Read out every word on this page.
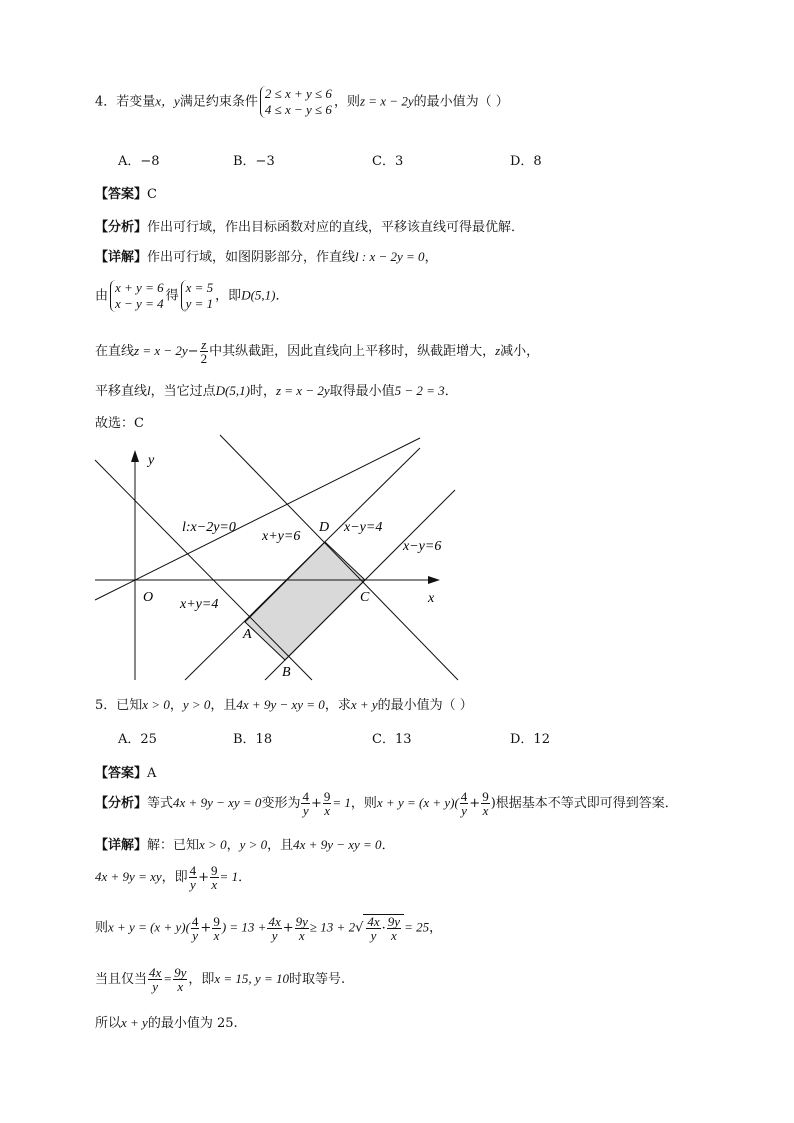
4．若变量x，y满足约束条件2 ≤ x + y ≤ 6
4 ≤ x − y ≤ 6 ，则z = x − 2y的最小值为（ ）
A．−8	B．−3	C．3	D．8
【答案】C
【分析】作出可行域，作出目标函数对应的直线，平移该直线可得最优解．
【详解】作出可行域，如图阴影部分，作直线l : x − 2y = 0，
由x + y = 6
x − y = 4 得x = 5
y = 1 ，即D(5,1)．
在直线$z = x - 2y- \frac{z}{2}$ 中其纵截距，因此直线向上平移时，纵截距增大，z减小，
平移直线l，当它过点D(5,1)时，z = x − 2y取得最小值5 − 2 = 3．
故选：C
y
x
O
A
B
C
D
l:x−2y=0
x+y=6
x−y=4
x−y=6
x+y=4
5．已知x > 0，y > 0，且4x + 9y − xy = 0，求x + y的最小值为（ ）
A．25	B．18	C．13	D．12
【答案】A
【分析】等式4x + 9y − xy = 0变形为 $\frac{4}{y} + \frac{9}{x} = 1$，则$x + y = (x + y)( \frac{4}{y} + \frac{9}{x}$ )根据基本不等式即可得到答案．
【详解】解：已知x > 0，y > 0，且4x + 9y − xy = 0．
4x + 9y = xy，即 $\frac{4}{y} + \frac{9}{x} = 1$．
则$x + y = (x + y)( \frac{4}{y} + \frac{9}{x}$ ) = $13 + \frac{4x}{y} + \frac{9y}{x} \ge 13 + 2√ \frac{4x}{y} \cdot \frac{9y}{x} = 25$，
当且仅当 $\frac{4x}{y} = \frac{9y}{x}$ ，即x = 15, y = 10时取等号.
所以x + y的最小值为 25.
